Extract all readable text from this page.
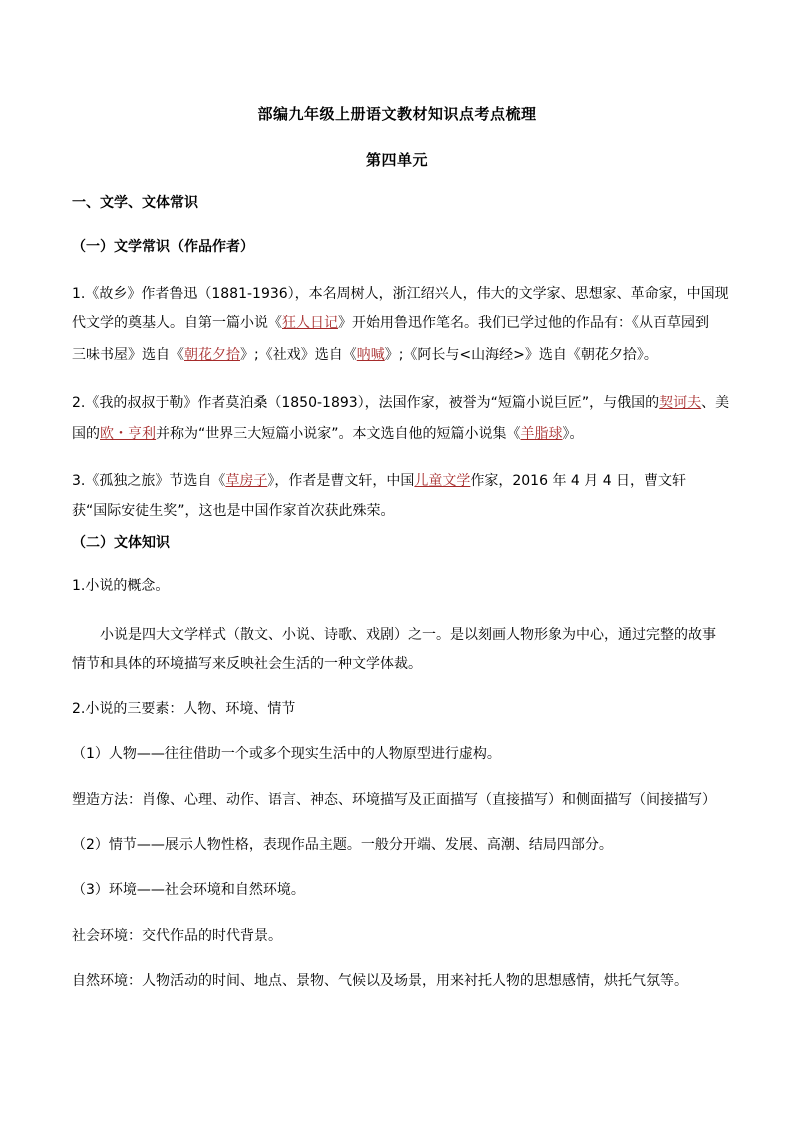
部编九年级上册语文教材知识点考点梳理
第四单元
一、文学、文体常识
（一）文学常识（作品作者）
1.《故乡》作者鲁迅（1881-1936），本名周树人，浙江绍兴人，伟大的文学家、思想家、革命家，中国现
代文学的奠基人。自第一篇小说《狂人日记》开始用鲁迅作笔名。我们已学过他的作品有：《从百草园到
三味书屋》选自《朝花夕拾》;《社戏》选自《呐喊》;《阿长与<山海经>》选自《朝花夕拾》。
2.《我的叔叔于勒》作者莫泊桑（1850-1893），法国作家，被誉为“短篇小说巨匠”，与俄国的契诃夫、美
国的欧・亨利并称为“世界三大短篇小说家”。本文选自他的短篇小说集《羊脂球》。
3.《孤独之旅》节选自《草房子》，作者是曹文轩，中国儿童文学作家，2016 年 4 月 4 日，曹文轩
获“国际安徒生奖”，这也是中国作家首次获此殊荣。
（二）文体知识
1.小说的概念。
小说是四大文学样式（散文、小说、诗歌、戏剧）之一。是以刻画人物形象为中心，通过完整的故事
情节和具体的环境描写来反映社会生活的一种文学体裁。
2.小说的三要素：人物、环境、情节
（1）人物——往往借助一个或多个现实生活中的人物原型进行虚构。
塑造方法：肖像、心理、动作、语言、神态、环境描写及正面描写（直接描写）和侧面描写（间接描写）
（2）情节——展示人物性格，表现作品主题。一般分开端、发展、高潮、结局四部分。
（3）环境——社会环境和自然环境。
社会环境：交代作品的时代背景。
自然环境：人物活动的时间、地点、景物、气候以及场景，用来衬托人物的思想感情，烘托气氛等。
